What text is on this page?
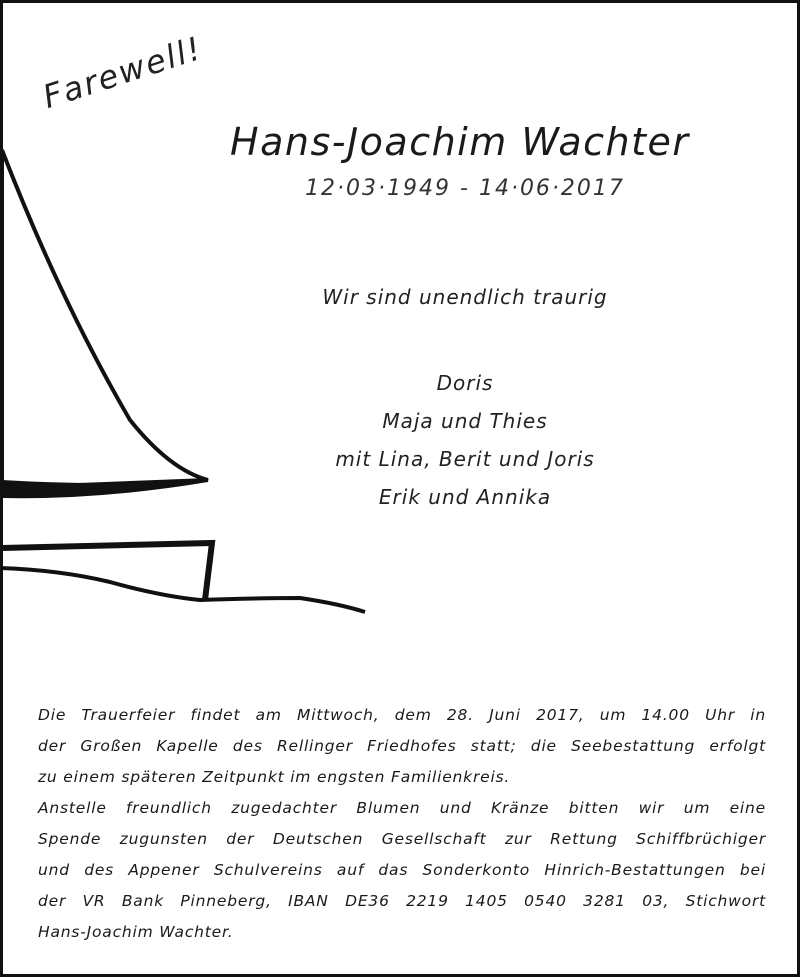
Farewell!
Hans-Joachim Wachter
12·03·1949 - 14·06·2017
Wir sind unendlich traurig
Doris
Maja und Thies
mit Lina, Berit und Joris
Erik und Annika
Die Trauerfeier findet am Mittwoch, dem 28. Juni 2017, um 14.00 Uhr in
der Großen Kapelle des Rellinger Friedhofes statt; die Seebestattung erfolgt
zu einem späteren Zeitpunkt im engsten Familienkreis.
Anstelle freundlich zugedachter Blumen und Kränze bitten wir um eine
Spende zugunsten der Deutschen Gesellschaft zur Rettung Schiffbrüchiger
und des Appener Schulvereins auf das Sonderkonto Hinrich-Bestattungen bei
der VR Bank Pinneberg, IBAN DE36 2219 1405 0540 3281 03, Stichwort
Hans-Joachim Wachter.
